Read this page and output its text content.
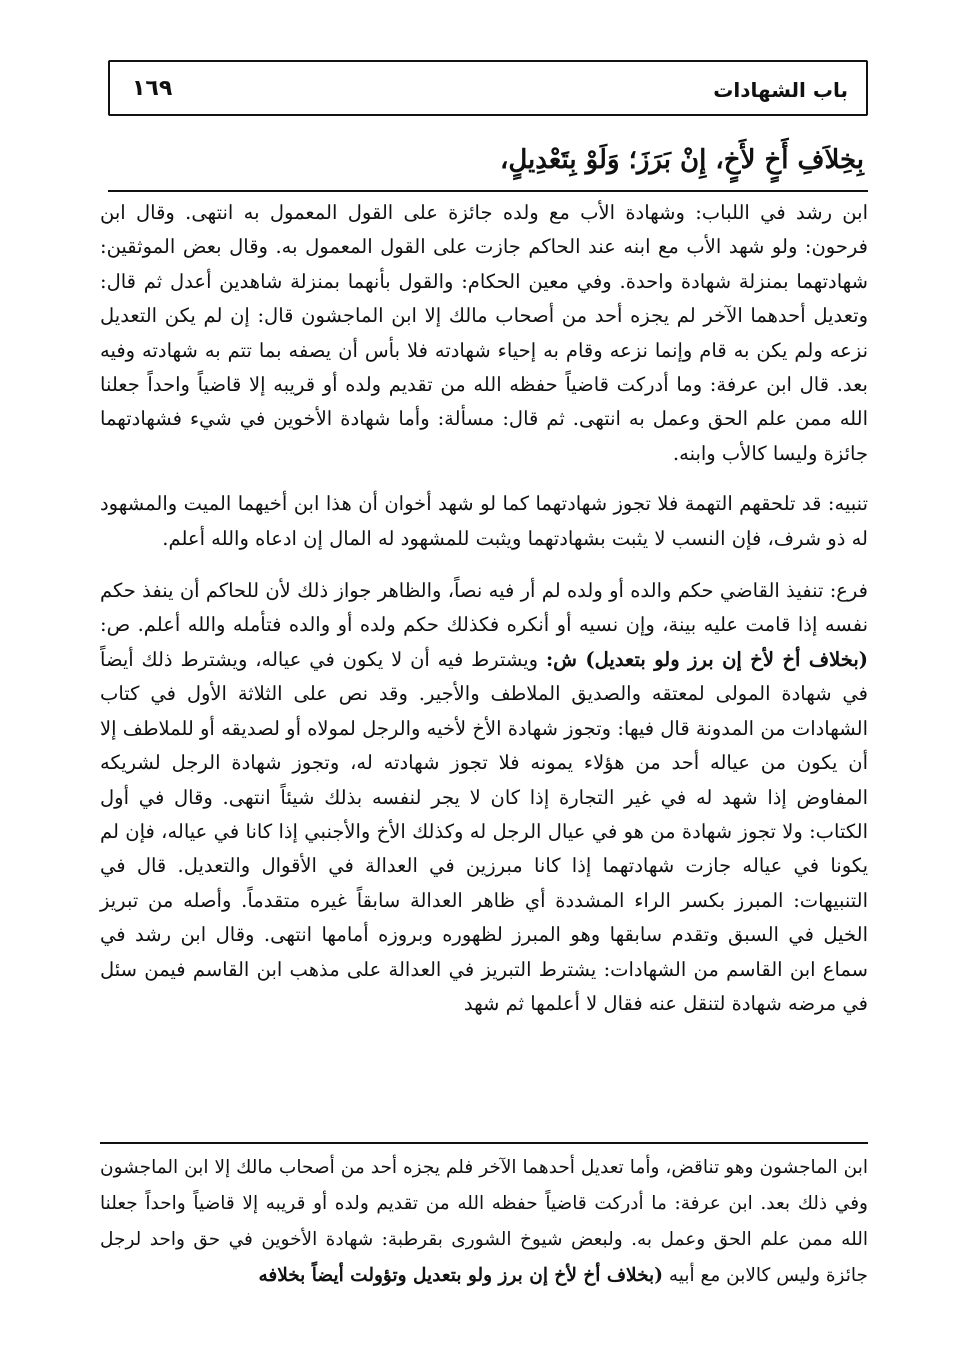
باب الشهادات
١٦٩
بِخِلاَفِ أَخٍ لأَخٍ، إِنْ بَرَزَ؛ وَلَوْ بِتَعْدِيلٍ،

ابن رشد في اللباب: وشهادة الأب مع ولده جائزة على القول المعمول به انتهى. وقال ابن فرحون: ولو شهد الأب مع ابنه عند الحاكم جازت على القول المعمول به. وقال بعض الموثقين: شهادتهما بمنزلة شهادة واحدة. وفي معين الحكام: والقول بأنهما بمنزلة شاهدين أعدل ثم قال: وتعديل أحدهما الآخر لم يجزه أحد من أصحاب مالك إلا ابن الماجشون قال: إن لم يكن التعديل نزعه ولم يكن به قام وإنما نزعه وقام به إحياء شهادته فلا بأس أن يصفه بما تتم به شهادته وفيه بعد. قال ابن عرفة: وما أدركت قاضياً حفظه الله من تقديم ولده أو قريبه إلا قاضياً واحداً جعلنا الله ممن علم الحق وعمل به انتهى. ثم قال: مسألة: وأما شهادة الأخوين في شيء فشهادتهما جائزة وليسا كالأب وابنه.

تنبيه: قد تلحقهم التهمة فلا تجوز شهادتهما كما لو شهد أخوان أن هذا ابن أخيهما الميت والمشهود له ذو شرف، فإن النسب لا يثبت بشهادتهما ويثبت للمشهود له المال إن ادعاه والله أعلم.

فرع: تنفيذ القاضي حكم والده أو ولده لم أر فيه نصاً، والظاهر جواز ذلك لأن للحاكم أن ينفذ حكم نفسه إذا قامت عليه بينة، وإن نسيه أو أنكره فكذلك حكم ولده أو والده فتأمله والله أعلم. ص: (بخلاف أخ لأخ إن برز ولو بتعديل) ش: ويشترط فيه أن لا يكون في عياله، ويشترط ذلك أيضاً في شهادة المولى لمعتقه والصديق الملاطف والأجير. وقد نص على الثلاثة الأول في كتاب الشهادات من المدونة قال فيها: وتجوز شهادة الأخ لأخيه والرجل لمولاه أو لصديقه أو للملاطف إلا أن يكون من عياله أحد من هؤلاء يمونه فلا تجوز شهادته له، وتجوز شهادة الرجل لشريكه المفاوض إذا شهد له في غير التجارة إذا كان لا يجر لنفسه بذلك شيئاً انتهى. وقال في أول الكتاب: ولا تجوز شهادة من هو في عيال الرجل له وكذلك الأخ والأجنبي إذا كانا في عياله، فإن لم يكونا في عياله جازت شهادتهما إذا كانا مبرزين في العدالة في الأقوال والتعديل. قال في التنبيهات: المبرز بكسر الراء المشددة أي ظاهر العدالة سابقاً غيره متقدماً. وأصله من تبريز الخيل في السبق وتقدم سابقها وهو المبرز لظهوره وبروزه أمامها انتهى. وقال ابن رشد في سماع ابن القاسم من الشهادات: يشترط التبريز في العدالة على مذهب ابن القاسم فيمن سئل في مرضه شهادة لتنقل عنه فقال لا أعلمها ثم شهد

ابن الماجشون وهو تناقض، وأما تعديل أحدهما الآخر فلم يجزه أحد من أصحاب مالك إلا ابن الماجشون وفي ذلك بعد. ابن عرفة: ما أدركت قاضياً حفظه الله من تقديم ولده أو قريبه إلا قاضياً واحداً جعلنا الله ممن علم الحق وعمل به. ولبعض شيوخ الشورى بقرطبة: شهادة الأخوين في حق واحد لرجل جائزة وليس كالابن مع أبيه (بخلاف أخ لأخ إن برز ولو بتعديل وتؤولت أيضاً بخلافه
